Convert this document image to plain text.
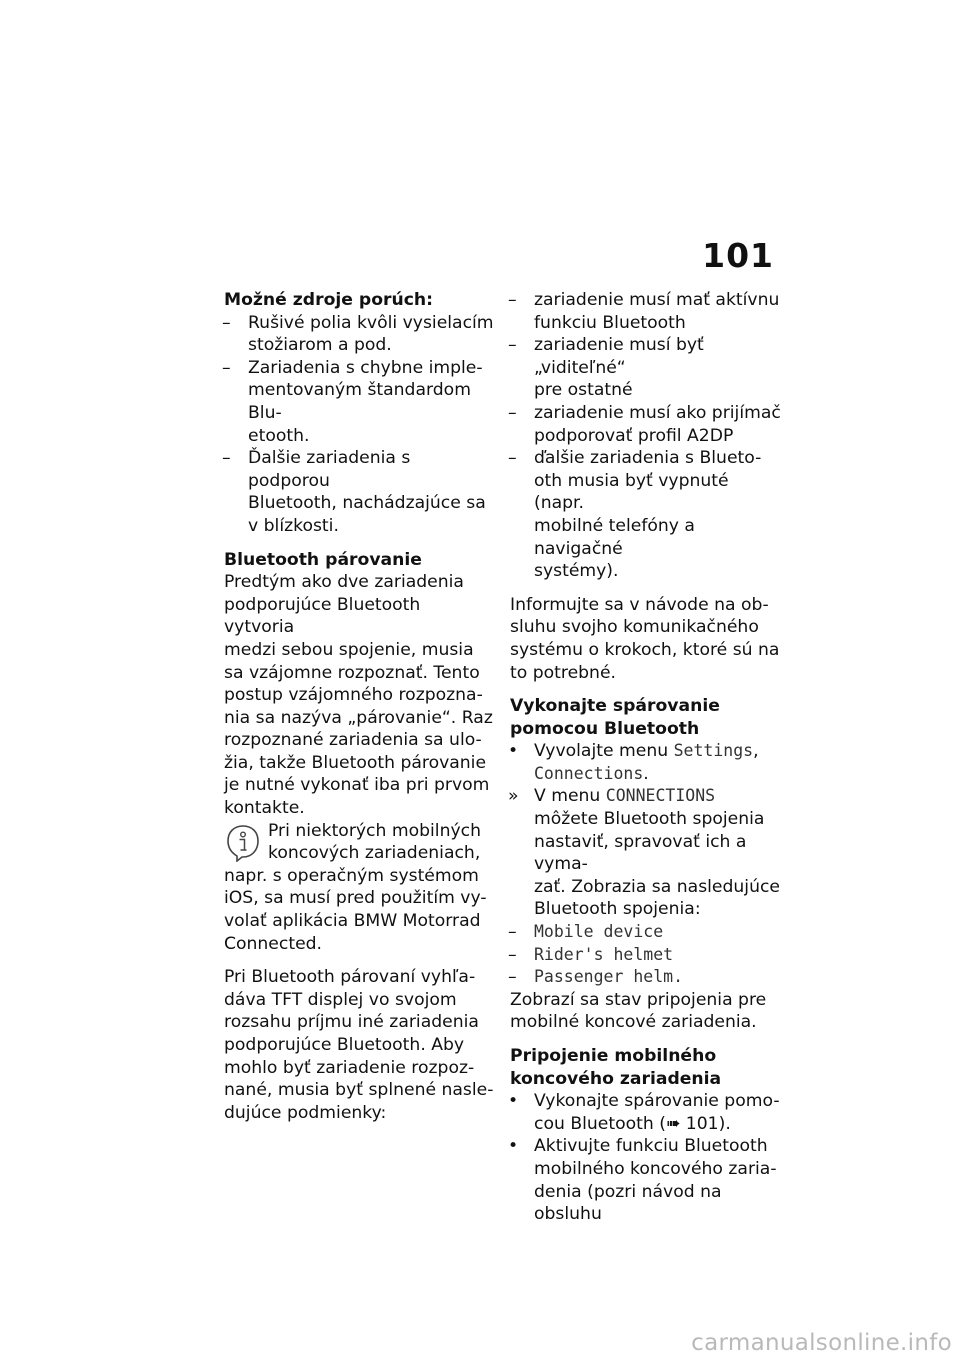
101

Možné zdroje porúch:

–	Rušivé polia kvôli vysielacím

stožiarom a pod.

–	Zariadenia s chybne imple-

mentovaným štandardom Blu-

etooth.

–	Ďalšie zariadenia s podporou

Bluetooth, nachádzajúce sa

v blízkosti.

Bluetooth párovanie

Predtým ako dve zariadenia

podporujúce Bluetooth vytvoria

medzi sebou spojenie, musia

sa vzájomne rozpoznať. Tento

postup vzájomného rozpozna-

nia sa nazýva „párovanie“. Raz

rozpoznané zariadenia sa ulo-

žia, takže Bluetooth párovanie

je nutné vykonať iba pri prvom

kontakte.

Pri niektorých mobilných

koncových zariadeniach,

napr. s operačným systémom

iOS, sa musí pred použitím vy-

volať aplikácia BMW Motorrad

Connected.

Pri Bluetooth párovaní vyhľa-

dáva TFT displej vo svojom

rozsahu príjmu iné zariadenia

podporujúce Bluetooth. Aby

mohlo byť zariadenie rozpoz-

nané, musia byť splnené nasle-

dujúce podmienky:

–	zariadenie musí mať aktívnu

funkciu Bluetooth

–	zariadenie musí byť „viditeľné“

pre ostatné

–	zariadenie musí ako prijímač

podporovať profil A2DP

–	ďalšie zariadenia s Blueto-

oth musia byť vypnuté (napr.

mobilné telefóny a navigačné

systémy).

Informujte sa v návode na ob-

sluhu svojho komunikačného

systému o krokoch, ktoré sú na

to potrebné.

Vykonajte spárovanie

pomocou Bluetooth

• Vyvolajte menu Settings,

Connections.

» V menu CONNECTIONS

môžete Bluetooth spojenia

nastaviť, spravovať ich a vyma-

zať. Zobrazia sa nasledujúce

Bluetooth spojenia:

–	Mobile device

–	Rider's helmet

–	Passenger helm.

Zobrazí sa stav pripojenia pre

mobilné koncové zariadenia.

Pripojenie mobilného

koncového zariadenia

• Vykonajte spárovanie pomo-

cou Bluetooth (➠ 101).

• Aktivujte funkciu Bluetooth

mobilného koncového zaria-

denia (pozri návod na obsluhu

carmanualsonline.info
